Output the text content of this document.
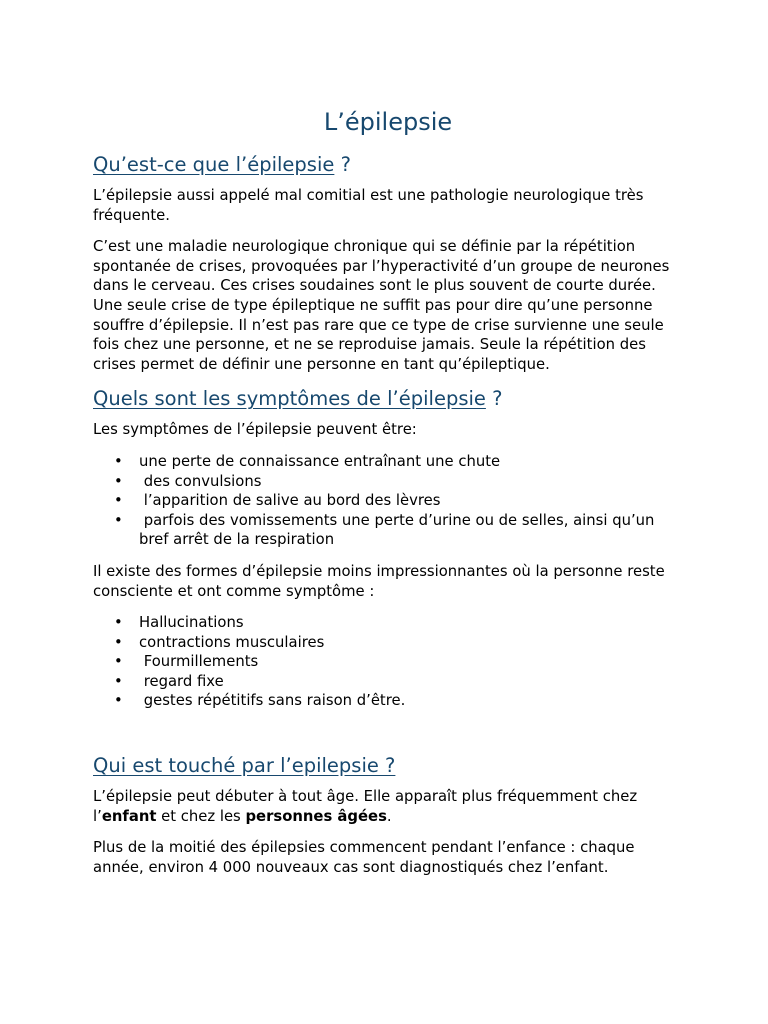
L’épilepsie
Qu’est-ce que l’épilepsie ?

L’épilepsie aussi appelé mal comitial est une pathologie neurologique très fréquente.

C’est une maladie neurologique chronique qui se définie par la répétition spontanée de crises, provoquées par l’hyperactivité d’un groupe de neurones dans le cerveau. Ces crises soudaines sont le plus souvent de courte durée. Une seule crise de type épileptique ne suffit pas pour dire qu’une personne souffre d’épilepsie. Il n’est pas rare que ce type de crise survienne une seule fois chez une personne, et ne se reproduise jamais. Seule la répétition des crises permet de définir une personne en tant qu’épileptique.

Quels sont les symptômes de l’épilepsie ?

Les symptômes de l’épilepsie peuvent être:

• une perte de connaissance entraînant une chute
• des convulsions
• l’apparition de salive au bord des lèvres
• parfois des vomissements une perte d’urine ou de selles, ainsi qu’un bref arrêt de la respiration

Il existe des formes d’épilepsie moins impressionnantes où la personne reste consciente et ont comme symptôme :

• Hallucinations
• contractions musculaires
• Fourmillements
• regard fixe
• gestes répétitifs sans raison d’être.
Qui est touché par l’epilepsie ?

L’épilepsie peut débuter à tout âge. Elle apparaît plus fréquemment chez l’enfant et chez les personnes âgées.

Plus de la moitié des épilepsies commencent pendant l’enfance : chaque année, environ 4 000 nouveaux cas sont diagnostiqués chez l’enfant.
